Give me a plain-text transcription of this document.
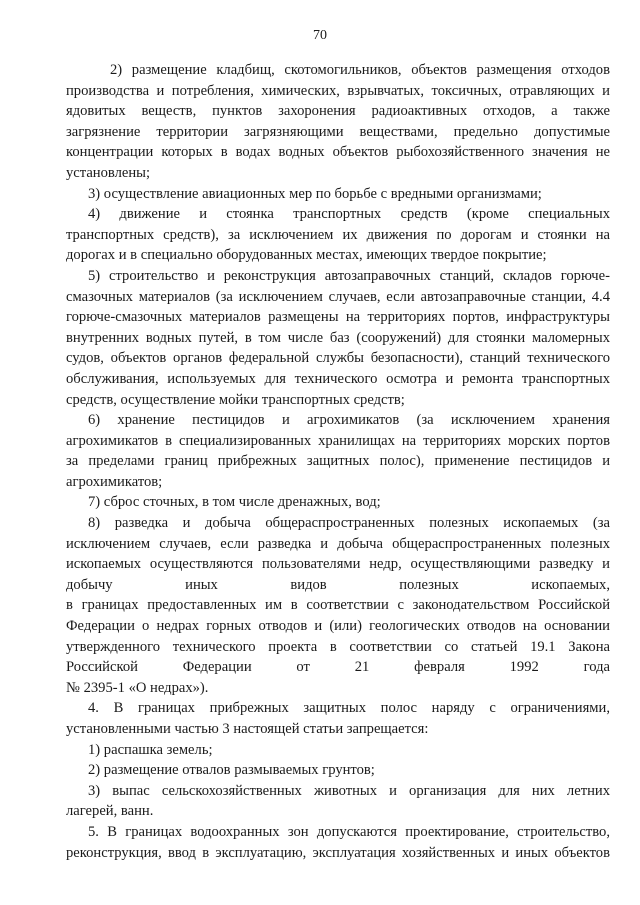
70
2) размещение кладбищ, скотомогильников, объектов размещения отходов
производства и потребления, химических, взрывчатых, токсичных, отравляющих и
ядовитых веществ, пунктов захоронения радиоактивных отходов, а также
загрязнение территории загрязняющими веществами, предельно допустимые
концентрации которых в водах водных объектов рыбохозяйственного значения не
установлены;
3) осуществление авиационных мер по борьбе с вредными организмами;
4) движение и стоянка транспортных средств (кроме специальных
транспортных средств), за исключением их движения по дорогам и стоянки на
дорогах и в специально оборудованных местах, имеющих твердое покрытие;
5) строительство и реконструкция автозаправочных станций, складов горюче-
смазочных материалов (за исключением случаев, если автозаправочные станции, 4.4
горюче-смазочных материалов размещены на территориях портов, инфраструктуры
внутренних водных путей, в том числе баз (сооружений) для стоянки маломерных
судов, объектов органов федеральной службы безопасности), станций технического
обслуживания, используемых для технического осмотра и ремонта транспортных
средств, осуществление мойки транспортных средств;
6) хранение пестицидов и агрохимикатов (за исключением хранения
агрохимикатов в специализированных хранилищах на территориях морских портов
за пределами границ прибрежных защитных полос), применение пестицидов и
агрохимикатов;
7) сброс сточных, в том числе дренажных, вод;
8) разведка и добыча общераспространенных полезных ископаемых (за
исключением случаев, если разведка и добыча общераспространенных полезных
ископаемых осуществляются пользователями недр, осуществляющими разведку и
добычу иных видов полезных ископаемых,
в границах предоставленных им в соответствии с законодательством Российской
Федерации о недрах горных отводов и (или) геологических отводов на основании
утвержденного технического проекта в соответствии со статьей 19.1 Закона
Российской Федерации от 21 февраля 1992 года
№ 2395-1 «О недрах»).
4. В границах прибрежных защитных полос наряду с ограничениями,
установленными частью 3 настоящей статьи запрещается:
1) распашка земель;
2) размещение отвалов размываемых грунтов;
3) выпас сельскохозяйственных животных и организация для них летних
лагерей, ванн.
5. В границах водоохранных зон допускаются проектирование, строительство,
реконструкция, ввод в эксплуатацию, эксплуатация хозяйственных и иных объектов
